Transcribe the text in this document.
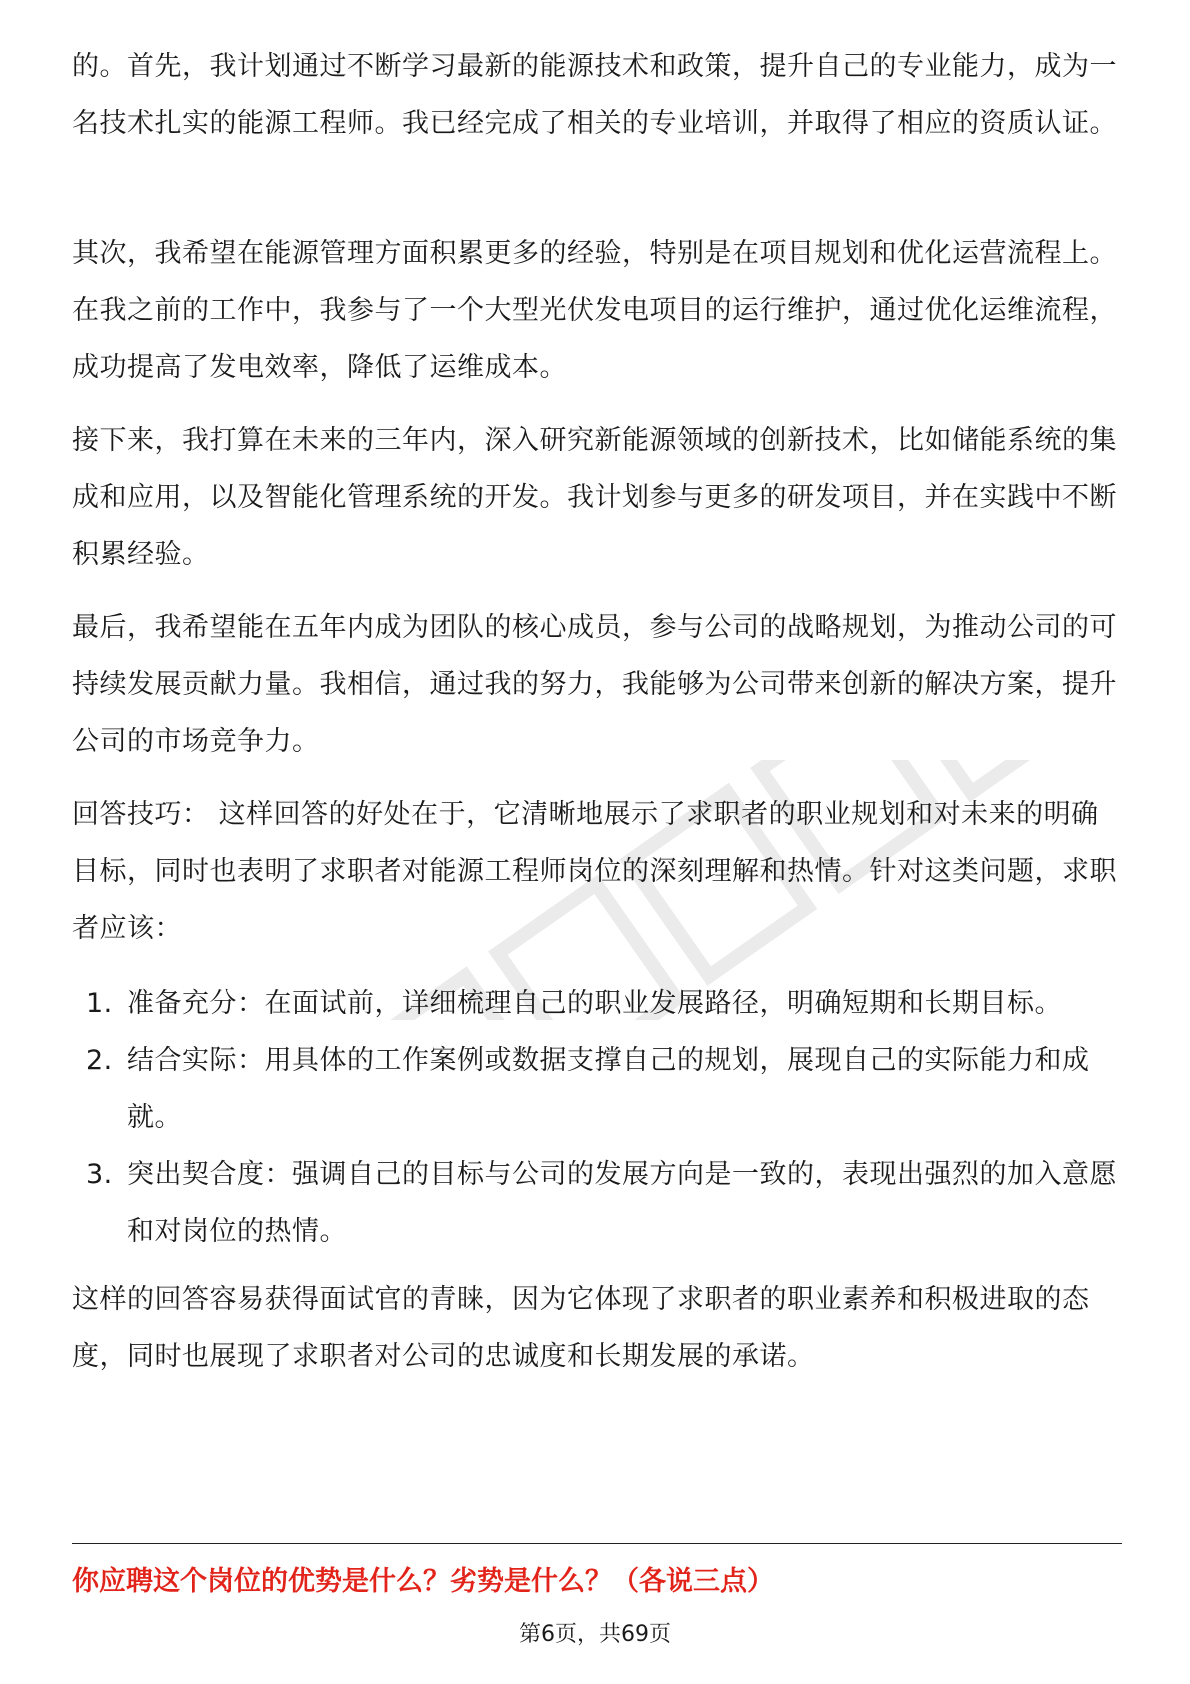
的。首先，我计划通过不断学习最新的能源技术和政策，提升自己的专业能力，成为一名技术扎实的能源工程师。我已经完成了相关的专业培训，并取得了相应的资质认证。

其次，我希望在能源管理方面积累更多的经验，特别是在项目规划和优化运营流程上。在我之前的工作中，我参与了一个大型光伏发电项目的运行维护，通过优化运维流程，成功提高了发电效率，降低了运维成本。

接下来，我打算在未来的三年内，深入研究新能源领域的创新技术，比如储能系统的集成和应用，以及智能化管理系统的开发。我计划参与更多的研发项目，并在实践中不断积累经验。

最后，我希望能在五年内成为团队的核心成员，参与公司的战略规划，为推动公司的可持续发展贡献力量。我相信，通过我的努力，我能够为公司带来创新的解决方案，提升公司的市场竞争力。

回答技巧： 这样回答的好处在于，它清晰地展示了求职者的职业规划和对未来的明确目标，同时也表明了求职者对能源工程师岗位的深刻理解和热情。针对这类问题，求职者应该：

1. 准备充分：在面试前，详细梳理自己的职业发展路径，明确短期和长期目标。
2. 结合实际：用具体的工作案例或数据支撑自己的规划，展现自己的实际能力和成就。
3. 突出契合度：强调自己的目标与公司的发展方向是一致的，表现出强烈的加入意愿和对岗位的热情。

这样的回答容易获得面试官的青睐，因为它体现了求职者的职业素养和积极进取的态度，同时也展现了求职者对公司的忠诚度和长期发展的承诺。

你应聘这个岗位的优势是什么？劣势是什么？（各说三点）

第6页，共69页
